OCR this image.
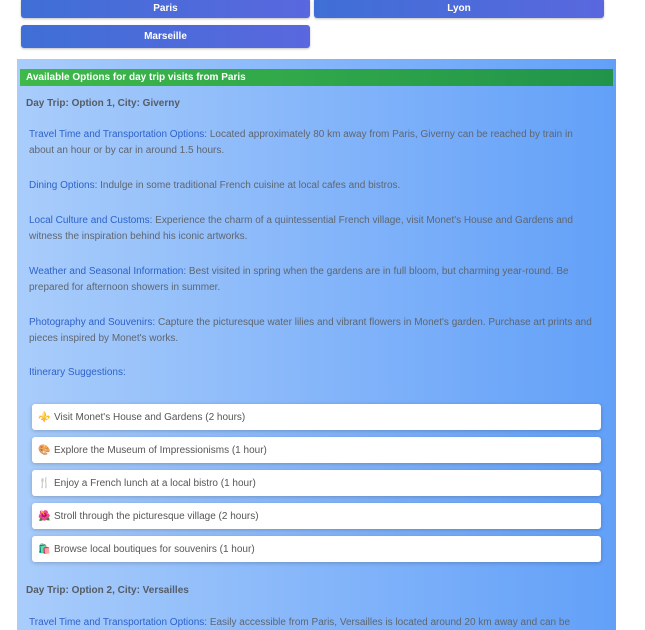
Paris	Lyon
Marseille
Available Options for day trip visits from Paris
Day Trip: Option 1, City: Giverny
Travel Time and Transportation Options: Located approximately 80 km away from Paris, Giverny can be reached by train in about an hour or by car in around 1.5 hours.
Dining Options: Indulge in some traditional French cuisine at local cafes and bistros.
Local Culture and Customs: Experience the charm of a quintessential French village, visit Monet's House and Gardens and witness the inspiration behind his iconic artworks.
Weather and Seasonal Information: Best visited in spring when the gardens are in full bloom, but charming year-round. Be prepared for afternoon showers in summer.
Photography and Souvenirs: Capture the picturesque water lilies and vibrant flowers in Monet's garden. Purchase art prints and pieces inspired by Monet's works.
Itinerary Suggestions:
⚜️ Visit Monet's House and Gardens (2 hours)
🎨 Explore the Museum of Impressionisms (1 hour)
🍴 Enjoy a French lunch at a local bistro (1 hour)
🌺 Stroll through the picturesque village (2 hours)
🛍️ Browse local boutiques for souvenirs (1 hour)
Day Trip: Option 2, City: Versailles
Travel Time and Transportation Options: Easily accessible from Paris, Versailles is located around 20 km away and can be
